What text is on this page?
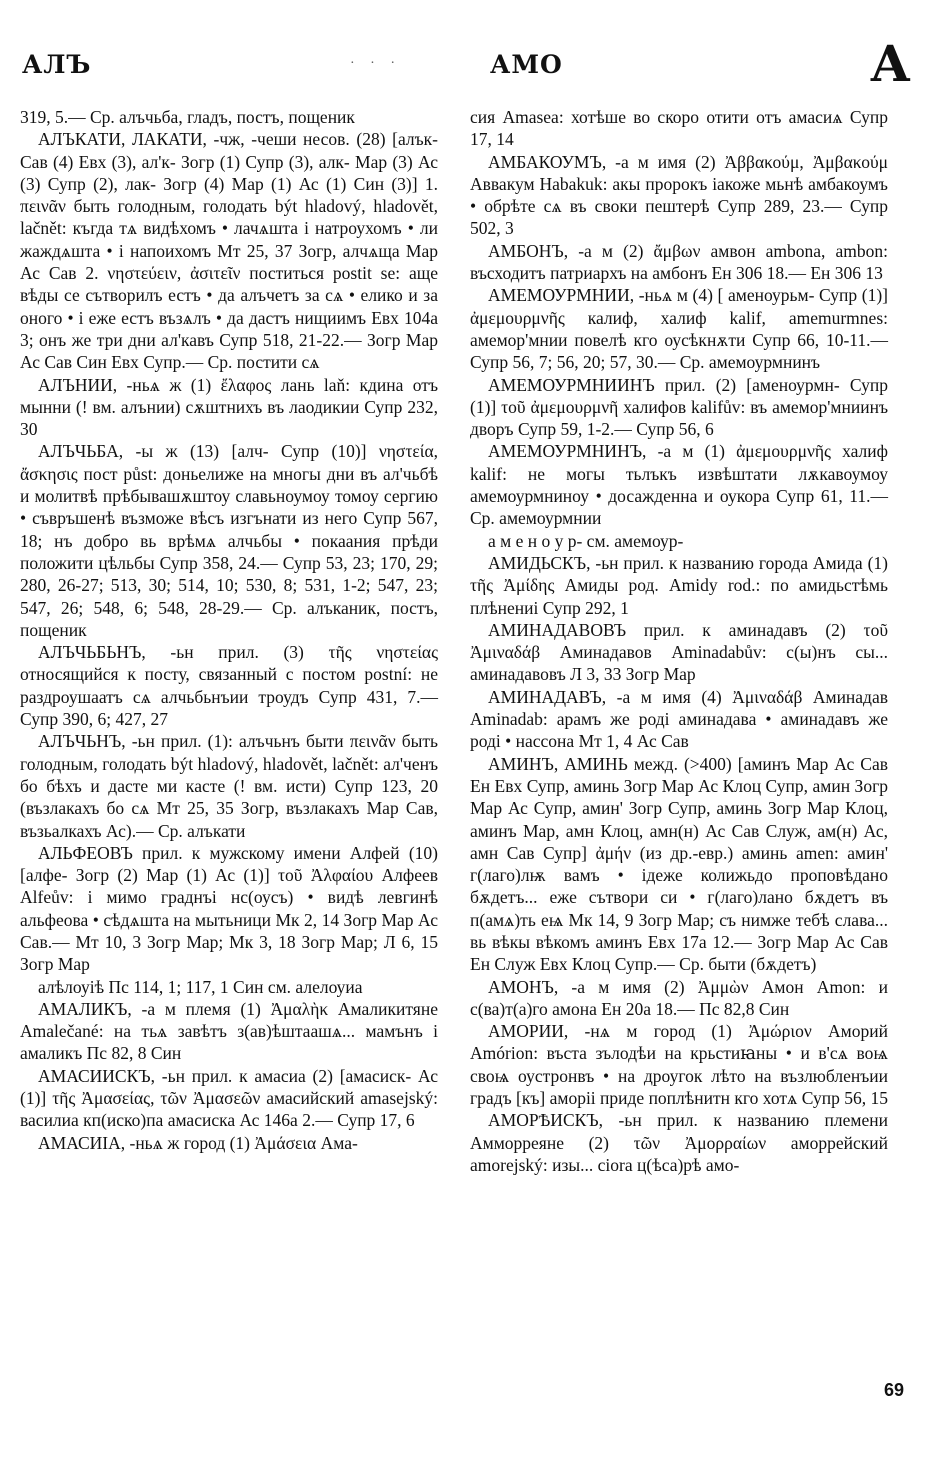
АЛЪ	· · ·	АМО	А

319, 5.— Ср. алъчьба, гладъ, постъ, пощеник

АЛЪКАТИ, ЛАКАТИ, -чж, -чеши несов. (28) [алък- Сав (4) Евх (3), ал'к- Зогр (1) Супр (3), алк- Мар (3) Ас (3) Супр (2), лак- Зогр (4) Мар (1) Ас (1) Син (3)] 1. πεινᾶν быть голодным, голодать být hladový, hladovět, lačnět: къгда тѧ видѣхомъ • лачѧшта і натроухомъ • ли жаждѧшта • і напоихомъ Мт 25, 37 Зогр, алчѧща Мар Ас Сав 2. νηστεύειν, ἀσιτεῖν поститься postit se: аще вѣды се сътворилъ естъ • да алъчетъ за сѧ • елико и за оного • і еже естъ възѧлъ • да дастъ нищиимъ Евх 104а 3; онъ же три дни ал'кавъ Супр 518, 21-22.— Зогр Мар Ас Сав Син Евх Супр.— Ср. постити сѧ

АЛЪНИИ, -ньѧ ж (1) ἔλαφος лань laň: кдина отъ мынни (! вм. алънии) сѫштнихъ въ лаодикии Супр 232, 30

АЛЪЧЬБА, -ы ж (13) [алч- Супр (10)] νηστεία, ἄσκησις пост půst: доньелиже на многы дни въ ал'чьбѣ и молитвѣ прѣбывашѫштоу славьноумоу томоу сергию • съвръшенѣ възможе вѣсъ изгънати из него Супр 567, 18; нъ добро вь врѣмѧ алчьбы • покаания прѣди положити цѣльбы Супр 358, 24.— Супр 53, 23; 170, 29; 280, 26-27; 513, 30; 514, 10; 530, 8; 531, 1-2; 547, 23; 547, 26; 548, 6; 548, 28-29.— Ср. алъканик, постъ, пощеник

АЛЪЧЬБЬНЪ, -ьн прил. (3) τῆς νηστείας относящийся к посту, связанный с постом postní: не раздроушаатъ сѧ алчьбьнъии троудъ Супр 431, 7.— Супр 390, 6; 427, 27

АЛЪЧЬНЪ, -ьн прил. (1): алъчьнъ быти πεινᾶν быть голодным, голодать být hladový, hladovět, lačnět: ал'ченъ бо бѣхъ и дасте ми кaсте (! вм. исти) Супр 123, 20 (възлакахъ бо сѧ Мт 25, 35 Зогр, възлакахъ Мар Сав, възьалкахъ Ас).— Ср. алъкати

АЛЬФЕОВЪ прил. к мужскому имени Алфей (10) [алфе- Зогр (2) Мар (1) Ас (1)] τοῦ Ἀλφαίου Алфеев Alfeův: і мимо граднъі нс(оусъ) • видѣ левгинѣ альфеова • сѣдѧшта на мытьници Мк 2, 14 Зогр Мар Ас Сав.— Мт 10, 3 Зогр Мар; Мк 3, 18 Зогр Мар; Л 6, 15 Зогр Мар

алѣлоуіѣ Пс 114, 1; 117, 1 Син см. алелоуиа

АМАЛИКЪ, -а м племя (1) Ἀμαλὴκ Амаликитяне Amalečané: на тьѧ завѣтъ з(ав)ѣштаашѧ... мамънъ і амаликъ Пс 82, 8 Син

АМАСИИСКЪ, -ьн прил. к амасиа (2) [амасиск- Ас (1)] τῆς Ἀμασείας, τῶν Ἀμασεῶν амасийский amasejský: василиа кп(иско)па амасиска Ас 146а 2.— Супр 17, 6

АМАСИIА, -ньѧ ж город (1) Ἀμάσεια Ама-

сия Amasea: хотѣше во скоро отити отъ амасиѧ Супр 17, 14

АМБАКОУМЪ, -а м имя (2) Ἀββακούμ, Ἀμβακούμ Аввакум Habakuk: акы пророкъ іакоже мьнѣ амбакоумъ • обрѣте сѧ въ своки пештерѣ Супр 289, 23.— Супр 502, 3

АМБОНЪ, -а м (2) ἄμβων амвон ambona, ambon: въсходитъ патриархъ на амбонъ Ен 306 18.— Ен 306 13

АМЕМОУРМНИИ, -ньѧ м (4) [ аменоурьм- Супр (1)] ἀμεμουρμνῆς калиф, халиф kalif, amemurmnes: амемор'мнии повелѣ кго оусѣкнѫти Супр 66, 10-11.— Супр 56, 7; 56, 20; 57, 30.— Ср. амемоурмнинъ

АМЕМОУРМНИИНЪ прил. (2) [аменоурмн- Супр (1)] τοῦ ἀμεμουρμνῆ халифов kalifův: въ амемор'мниинъ дворъ Супр 59, 1-2.— Супр 56, 6

АМЕМОУРМНИНЪ, -а м (1) ἀμεμουρμνῆς халиф kalif: не могы тьлъкъ извѣштати лѫкавоумоу амемоурмниноу • досажденна и оукора Супр 61, 11.— Ср. амемоурмнии

а м е н о у р- см. амемоур-

АМИДЬСКЪ, -ьн прил. к названию города Амида (1) τῆς Ἀμίδης Амиды род. Amidy rod.: по амидьстѣмь плѣнениі Супр 292, 1

АМИНАДАВОВЪ прил. к аминадавъ (2) τοῦ Ἀμιναδάβ Аминадавов Aminadabův: с(ы)нъ сы... аминадавовъ Л 3, 33 Зогр Мар

АМИНАДАВЪ, -а м имя (4) Ἀμιναδάβ Аминадав Aminadab: арамъ же роді аминадава • аминадавъ же роді • нассона Мт 1, 4 Ас Сав

АМИНЪ, АМИНЬ межд. (>400) [аминъ Мар Ас Сав Ен Евх Супр, аминь Зогр Мар Ас Клоц Супр, амин Зогр Мар Ас Супр, амин' Зогр Супр, аминь Зогр Мар Клоц, аминъ Мар, амн Клоц, амн(н) Ас Сав Служ, ам(н) Ас, амн Сав Супр] ἀμήν (из др.-евр.) аминь amen: амин' г(лаго)лѭ вамъ • ідеже колижьдо проповѣдано бѫдетъ... еже сътвори си • г(лаго)лано бѫдетъ въ п(амѧ)ть еѩ Мк 14, 9 Зогр Мар; съ нимже тебѣ слава... вь вѣкы вѣкомъ аминъ Евх 17а 12.— Зогр Мар Ас Сав Ен Служ Евх Клоц Супр.— Ср. быти (бѫдетъ)

АМОНЪ, -а м имя (2) Ἀμμὼν Амон Amon: и с(ва)т(а)го амона Ен 20а 18.— Пс 82,8 Син

АМОРИИ, -нѧ м город (1) Ἀμώριον Аморий Amórion: въста зълодѣи на крьстиꙗны • и в'сѧ воѩ своѩ оустронвъ • на дроугок лѣто на възлюбленъии градъ [къ] аморіі приде поплѣнитн кго хотѧ Супр 56, 15

АМОРѢИСКЪ, -ьн прил. к названию племени Амморреяне (2) τῶν Ἀμορραίων аморрейский amorejský: изы... сіоrа ц(ѣса)рѣ амо-

69
